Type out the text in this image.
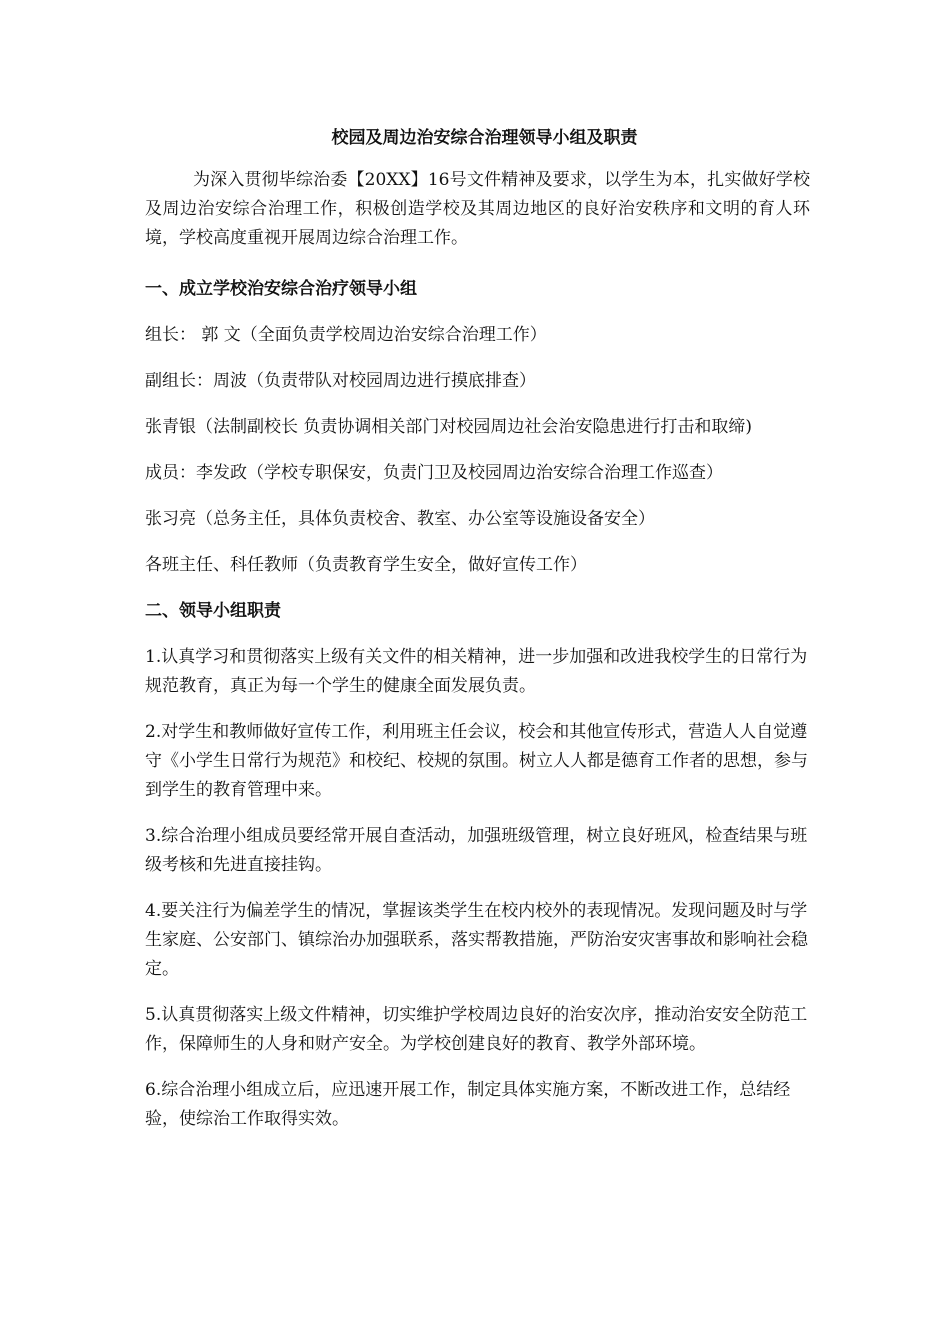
校园及周边治安综合治理领导小组及职责
为深入贯彻毕综治委【20XX】16号文件精神及要求，以学生为本，扎实做好学校及周边治安综合治理工作，积极创造学校及其周边地区的良好治安秩序和文明的育人环境，学校高度重视开展周边综合治理工作。
一、成立学校治安综合治疗领导小组
组长： 郭 文（全面负责学校周边治安综合治理工作）
副组长：周波（负责带队对校园周边进行摸底排查）
张青银（法制副校长 负责协调相关部门对校园周边社会治安隐患进行打击和取缔)
成员：李发政（学校专职保安，负责门卫及校园周边治安综合治理工作巡查）
张习亮（总务主任，具体负责校舍、教室、办公室等设施设备安全）
各班主任、科任教师（负责教育学生安全，做好宣传工作）
二、领导小组职责
1.认真学习和贯彻落实上级有关文件的相关精神，进一步加强和改进我校学生的日常行为规范教育，真正为每一个学生的健康全面发展负责。
2.对学生和教师做好宣传工作，利用班主任会议，校会和其他宣传形式，营造人人自觉遵守《小学生日常行为规范》和校纪、校规的氛围。树立人人都是德育工作者的思想，参与到学生的教育管理中来。
3.综合治理小组成员要经常开展自查活动，加强班级管理，树立良好班风，检查结果与班级考核和先进直接挂钩。
4.要关注行为偏差学生的情况，掌握该类学生在校内校外的表现情况。发现问题及时与学生家庭、公安部门、镇综治办加强联系，落实帮教措施，严防治安灾害事故和影响社会稳定。
5.认真贯彻落实上级文件精神，切实维护学校周边良好的治安次序，推动治安安全防范工作，保障师生的人身和财产安全。为学校创建良好的教育、教学外部环境。
6.综合治理小组成立后，应迅速开展工作，制定具体实施方案，不断改进工作，总结经验，使综治工作取得实效。
